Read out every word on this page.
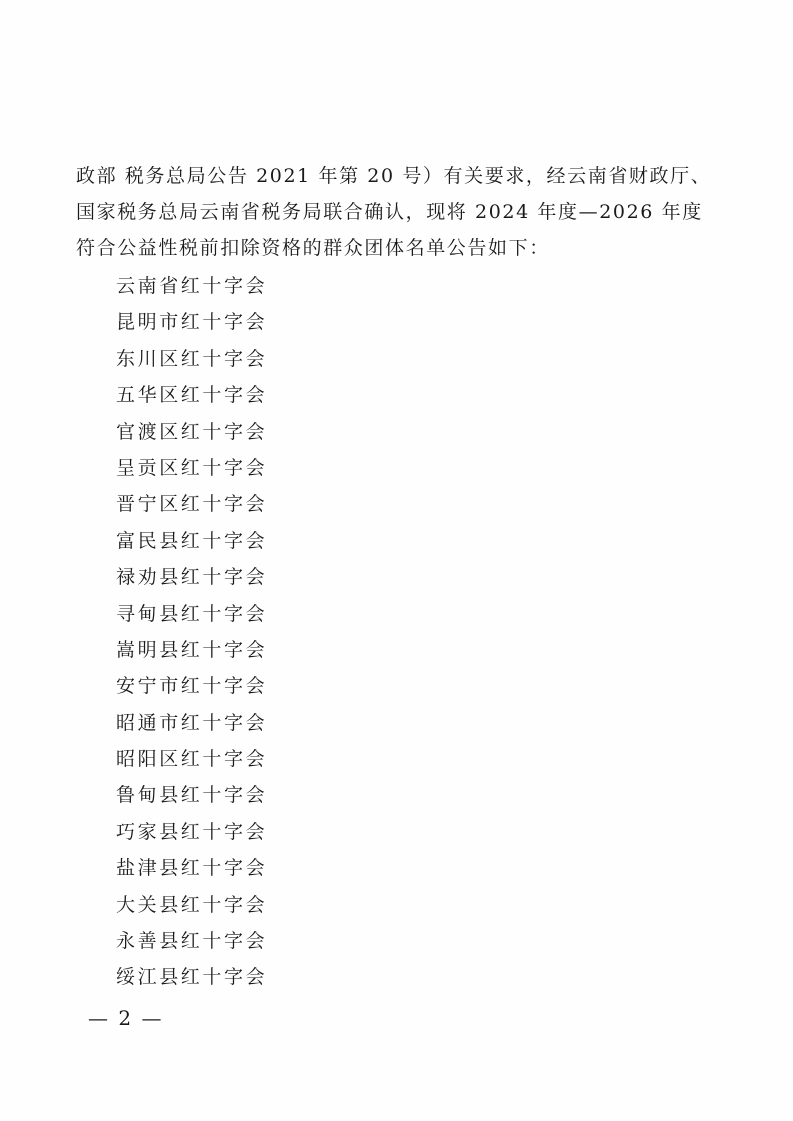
政部 税务总局公告 2021 年第 20 号）有关要求，经云南省财政厅、
国家税务总局云南省税务局联合确认，现将 2024 年度—2026 年度
符合公益性税前扣除资格的群众团体名单公告如下：
云南省红十字会
昆明市红十字会
东川区红十字会
五华区红十字会
官渡区红十字会
呈贡区红十字会
晋宁区红十字会
富民县红十字会
禄劝县红十字会
寻甸县红十字会
嵩明县红十字会
安宁市红十字会
昭通市红十字会
昭阳区红十字会
鲁甸县红十字会
巧家县红十字会
盐津县红十字会
大关县红十字会
永善县红十字会
绥江县红十字会
— 2 —
